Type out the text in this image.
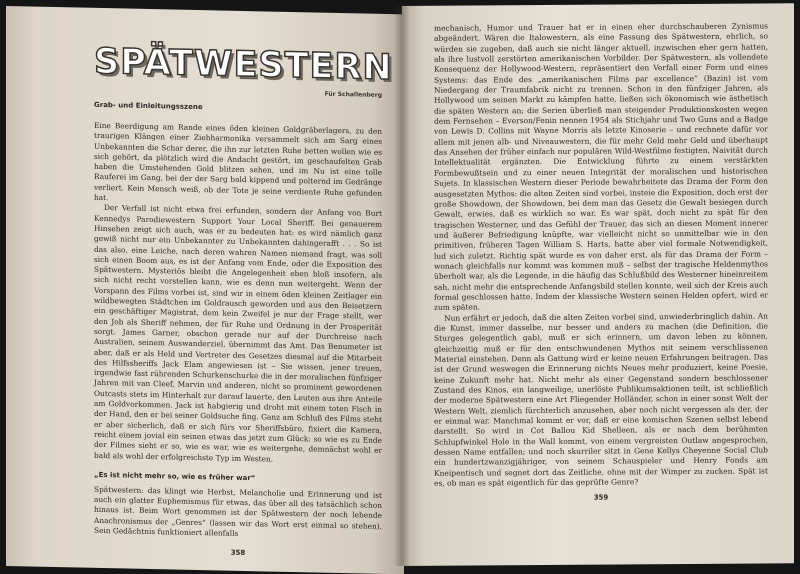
SPÄTWESTERN

Für Schallenberg

Grab- und Einleitungsszene

Eine Beerdigung am Rande eines öden kleinen Goldgräberlagers, zu den traurigen Klängen einer Ziehharmonika versammelt sich am Sarg eines Unbekannten die Schar derer, die ihn zur letzten Ruhe betten wollen wie es sich gehört, da plötzlich wird die Andacht gestört, im geschaufelten Grab haben die Umstehenden Gold blitzen sehen, und im Nu ist eine tolle Rauferei im Gang, bei der der Sarg bald kippend und polternd im Gedränge verliert. Kein Mensch weiß, ob der Tote je seine verdiente Ruhe gefunden hat.

Der Verfall ist nicht etwa frei erfunden, sondern der Anfang von Burt Kennedys Parodiewestern Support Your Local Sheriff. Bei genauerem Hinsehen zeigt sich auch, was er zu bedeuten hat: es wird nämlich ganz gewiß nicht nur ein Unbekannter zu Unbekannten dahingerafft . . . So ist das also, eine Leiche, nach deren wahren Namen niemand fragt, was soll sich einen Boom aus, es ist der Anfang vom Ende, oder die Exposition des Spätwestern. Mysteriös bleibt die Angelegenheit eben bloß insofern, als sich nicht recht vorstellen kann, wie es denn nun weitergeht. Wenn der Vorspann des Films vorbei ist, sind wir in einem öden kleinen Zeitlager ein wildbewegten Städtchen im Goldrausch geworden und aus den Beisetzern ein geschäftiger Magistrat, dem kein Zweifel je nur der Frage stellt, wer den Job als Sheriff nehmen, der für Ruhe und Ordnung in der Prosperität sorgt. James Garner, obschon gerade nur auf der Durchreise nach Australien, seinem Auswanderziel, übernimmt das Amt. Das Benumeter ist aber, daß er als Held und Vertreter des Gesetzes diesmal auf die Mitarbeit des Hilfssheriffs Jack Elam angewiesen ist – Sie wissen, jener treuen, irgendwie fast rührenden Schurkenschurke die in der moralischen fünfziger Jahren mit van Cleef, Marvin und anderen, nicht so prominent gewordenen Outcasts stets im Hinterhalt zur darauf lauerte, den Leuten aus ihre Anteile am Goldvorkommen. Jack ist habgierig und droht mit einem toten Fisch in der Hand, den er bei seiner Goldsuche fing. Ganz am Schluß des Films steht er aber sicherlich, daß er sich fürs vor Sheriffsbüro, fixiert die Kamera, reicht einem jovial ein seinen etwas das jetzt zum Glück: so wie es zu Ende der Filmes sieht er so, wie es war, wie es weitergehe, demnächst wohl er bald als wohl der erfolgreichste Typ im Westen.

„Es ist nicht mehr so, wie es früher war“

Spätwestern: das klingt wie Herbst, Melancholie und Erinnerung und ist auch ein glatter Euphemismus für etwas, das über all des tatsächlich schon hinaus ist. Beim Wort genommen ist der Spätwestern der noch lebende Anachronismus der „Genres“ (lassen wir das Wort erst einmal so stehen). Sein Gedächtnis funktioniert allenfalls

358

mechanisch, Humor und Trauer hat er in einen eher durchschauberen Zynismus abgeändert. Wären die Italowestern, als eine Fassung des Spätwestern, ehrlich, so würden sie zugeben, daß auch sie nicht länger aktuell, inzwischen eher gern hatten, als ihre lustvoll zerstörten amerikanischen Vorbilder. Der Spätwestern, als vollendete Konsequenz der Hollywood-Western, repräsentiert den Verfall einer Form und eines Systems: das Ende des „amerikanischen Films par excellence“ (Bazin) ist vom Niedergang der Traumfabrik nicht zu trennen. Schon in den fünfziger Jahren, als Hollywood um seinen Markt zu kämpfen hatte, ließen sich ökonomisch wie ästhetisch die späten Western an; die Serien überließ man steigender Produktionskosten wegen dem Fernsehen – Everson/Fenin nennen 1954 als Stichjahr und Two Guns and a Badge von Lewis D. Collins mit Wayne Morris als letzte Kinoserie – und rechnete dafür vor allem mit jenen alb- und Niveauwestern, die für mehr Geld mehr Geld und überhaupt das Ansehen der früher einfach nur populären Wild-Westfilme festigten, Naivität durch Intellektualität ergänzten. Die Entwicklung führte zu einem verstärkten Formbewußtsein und zu einer neuen Integrität der moralischen und historischen Sujets. In klassischen Western dieser Periode bewahrheitete das Drama der Form den ausgesetzten Mythos: die alten Zeiten sind vorbei, insteie die Exposition, doch erst der große Showdown, der Showdown, bei dem man das Gesetz die Gewalt besiegen durch Gewalt, erwies, daß es wirklich so war. Es war spät, doch nicht zu spät für den tragischen Westerner, und das Gefühl der Trauer, das sich an diesen Moment innerer und äußerer Befriedigung knüpfte, war vielleicht nicht so unmittelbar wie in den primitiven, früheren Tagen William S. Harts, hatte aber viel formale Notwendigkeit, lud sich zuletzt. Richtig spät wurde es von daher erst, als für das Drama der Form – wonach gleichfalls nur kommt was kommen muß – selbst der tragische Heldenmythos überholt war, als die Legende, in die häufig das Schlußbild des Westerner hineinreitem sah, nicht mehr die entsprechende Anfangsbild stellen konnte, weil sich der Kreis auch formal geschlossen hatte. Indem der klassische Western seinen Helden opfert, wird er zum späten.

Nun erfährt er jedoch, daß die alten Zeiten vorbei sind, unwiederbringlich dahin. An die Kunst, immer dasselbe, nur besser und anders zu machen (die Definition, die Sturges gelegentlich gab), muß er sich erinnern, um davon leben zu können, gleichzeitig muß er für den entschwundenen Mythos mit seinem verschlissenen Material einstehen. Denn als Gattung wird er keine neuen Erfahrungen beitragen. Das ist der Grund weswegen die Erinnerung nichts Neues mehr produziert, keine Poesie, keine Zukunft mehr hat. Nicht mehr als einer Gegenstand sondern beschlossener Zustand des Kinos, ein langweilige, unerlöste Publikumsaktionen teilt, ist schließlich der moderne Spätwestern eine Art Fliegender Holländer, schon in einer sonst Welt der Western Welt, ziemlich fürchterlich anzusehen, aber noch nicht vergessen als der, der er einmal war. Manchmal kommt er vor, daß er eine komischen Szenen selbst lebend darstellt. So wird in Cot Ballou Kid Shelleen, als er nach dem berühmten Schlupfwinkel Hole in the Wall kommt, von einem vergreisten Outlaw angesprochen, dessen Name entfallen; und noch skurriler sitzt in Gene Kellys Cheyenne Social Club ein hundertzwanzigjähriger, von seinem Schauspieler und Henry Fonds am Kneipentisch und segnet dort das Zeitliche, ohne mit der Wimper zu zucken. Spät ist es, ob man es spät eigentlich für das geprüfte Genre?

359
